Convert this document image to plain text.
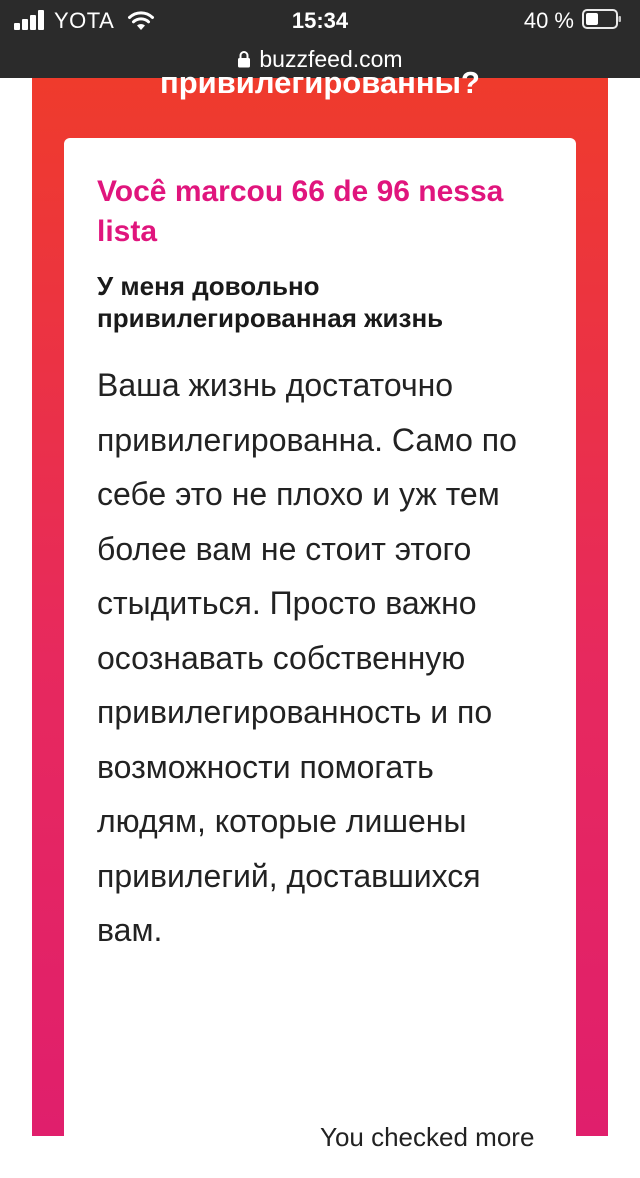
YOTA	15:34	40 %
buzzfeed.com
привилегированны?
Você marcou 66 de 96 nessa lista
У меня довольно привилегированная жизнь

Ваша жизнь достаточно привилегированна. Само по себе это не плохо и уж тем более вам не стоит этого стыдиться. Просто важно осознавать собственную привилегированность и по возможности помогать людям, которые лишены привилегий, доставшихся вам.

You checked more
